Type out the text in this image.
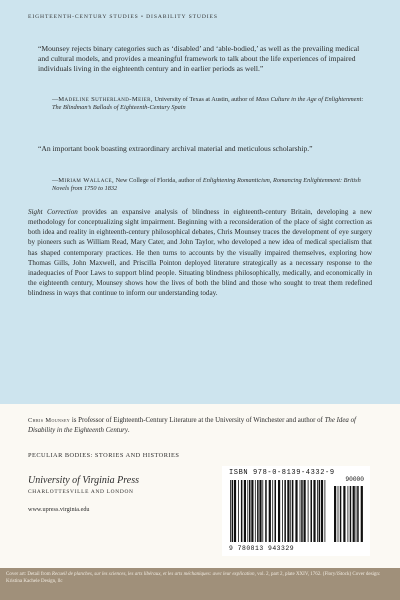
EIGHTEENTH-CENTURY STUDIES • DISABILITY STUDIES

“Mounsey rejects binary categories such as ‘disabled’ and ‘able-bodied,’ as well as the prevailing medical and cultural models, and provides a meaningful framework to talk about the life experiences of impaired individuals living in the eighteenth century and in earlier periods as well.”

—Madeline Sutherland-Meier, University of Texas at Austin, author of Mass Culture in the Age of Enlightenment: The Blindman’s Ballads of Eighteenth-Century Spain

“An important book boasting extraordinary archival material and meticulous scholarship.”

—Miriam Wallace, New College of Florida, author of Enlightening Romanticism, Romancing Enlightenment: British Novels from 1750 to 1832

Sight Correction provides an expansive analysis of blindness in eighteenth-century Britain, developing a new methodology for conceptualizing sight impairment. Beginning with a reconsideration of the place of sight correction as both idea and reality in eighteenth-century philosophical debates, Chris Mounsey traces the development of eye surgery by pioneers such as William Read, Mary Cater, and John Taylor, who developed a new idea of medical specialism that has shaped contemporary practices. He then turns to accounts by the visually impaired themselves, exploring how Thomas Gills, John Maxwell, and Priscilla Pointon deployed literature strategically as a necessary response to the inadequacies of Poor Laws to support blind people. Situating blindness philosophically, medically, and economically in the eighteenth century, Mounsey shows how the lives of both the blind and those who sought to treat them redefined blindness in ways that continue to inform our understanding today.

Chris Mounsey is Professor of Eighteenth-Century Literature at the University of Winchester and author of The Idea of Disability in the Eighteenth Century.

PECULIAR BODIES: STORIES AND HISTORIES
University of Virginia Press
CHARLOTTESVILLE AND LONDON
www.upress.virginia.edu
ISBN 978-0-8139-4332-9
90000
9 780813 943329

Cover art: Detail from Recueil de planches, sur les sciences, les arts libéraux, et les arts méchaniques: avec leur explication, vol. 2, part 2, plate XXIV, 1762. (Flory/iStock) Cover design: Kristina Kachele Design, llc
